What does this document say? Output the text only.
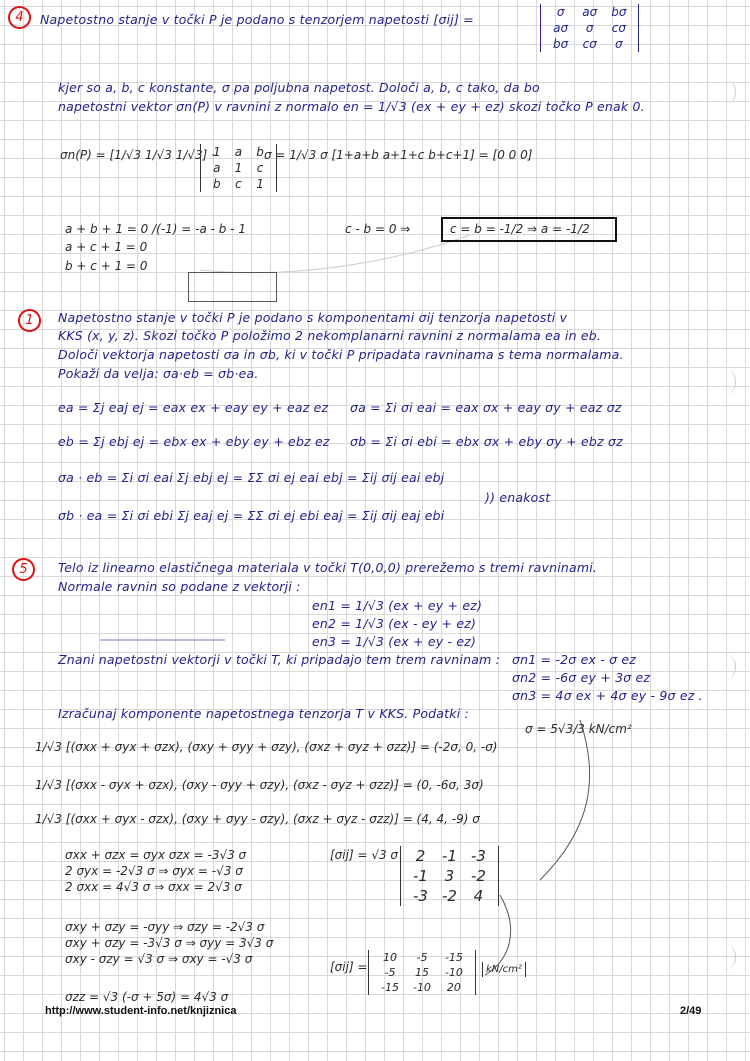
4	Napetostno stanje v točki P je podano s tenzorjem napetosti [σij] =	σ	aσ	bσ
aσ	σ	cσ
bσ	cσ	σ
kjer so a, b, c konstante, σ pa poljubna napetost. Določi a, b, c tako, da bo
napetostni vektor σn(P) v ravnini z normalo en = 1/√3 (ex + ey + ez) skozi točko P enak 0.
σn(P) = [1/√3 1/√3 1/√3] ·
1	a	b
a	1	c
b	c	1
σ = 1/√3 σ [1+a+b a+1+c b+c+1] = [0 0 0]
a + b + 1 = 0 /(-1) = -a - b - 1
a + c + 1 = 0
b + c + 1 = 0
c - b = 0 ⇒	c = b = -1/2 ⇒ a = -1/2
1	Napetostno stanje v točki P je podano s komponentami σij tenzorja napetosti v
KKS (x, y, z). Skozi točko P položimo 2 nekomplanarni ravnini z normalama ea in eb.
Določi vektorja napetosti σa in σb, ki v točki P pripadata ravninama s tema normalama.
Pokaži da velja: σa·eb = σb·ea.
ea = Σj eaj ej = eax ex + eay ey + eaz ez
eb = Σj ebj ej = ebx ex + eby ey + ebz ez
σa · eb = Σi σi eai Σj ebj ej = ΣΣ σi ej eai ebj = Σij σij eai ebj
σb · ea = Σi σi ebi Σj eaj ej = ΣΣ σi ej ebi eaj = Σij σij eaj ebi
σa = Σi σi eai = eax σx + eay σy + eaz σz
σb = Σi σi ebi = ebx σx + eby σy + ebz σz
)) enakost
5	Telo iz linearno elastičnega materiala v točki T(0,0,0) prerežemo s tremi ravninami.
Normale ravnin so podane z vektorji :
en1 = 1/√3 (ex + ey + ez)
en2 = 1/√3 (ex - ey + ez)
en3 = 1/√3 (ex + ey - ez)
Znani napetostni vektorji v točki T, ki pripadajo tem trem ravninam : σn1 = -2σ ex - σ ez
σn2 = -6σ ey + 3σ ez
σn3 = 4σ ex + 4σ ey - 9σ ez .
Izračunaj komponente napetostnega tenzorja T v KKS. Podatki :
σ = 5√3/3 kN/cm²
1/√3 [(σxx + σyx + σzx), (σxy + σyy + σzy), (σxz + σyz + σzz)] = (-2σ, 0, -σ)
1/√3 [(σxx - σyx + σzx), (σxy - σyy + σzy), (σxz - σyz + σzz)] = (0, -6σ, 3σ)
1/√3 [(σxx + σyx - σzx), (σxy + σyy - σzy), (σxz + σyz - σzz)] = (4, 4, -9) σ
σxx + σzx = σyx σzx = -3√3 σ
2 σyx = -2√3 σ ⇒ σyx = -√3 σ
2 σxx = 4√3 σ ⇒ σxx = 2√3 σ
σxy + σzy = -σyy ⇒ σzy = -2√3 σ
σxy + σzy = -3√3 σ ⇒ σyy = 3√3 σ
σxy - σzy = √3 σ ⇒ σxy = -√3 σ
σzz = √3 (-σ + 5σ) = 4√3 σ
[σij] = √3 σ 2	-1	-3
-1	3	-2
-3	-2	4
[σij] =
10	-5	-15
-5	15	-10
-15	-10	20
kN/cm²
http://www.student-info.net/knjiznica	2/49
